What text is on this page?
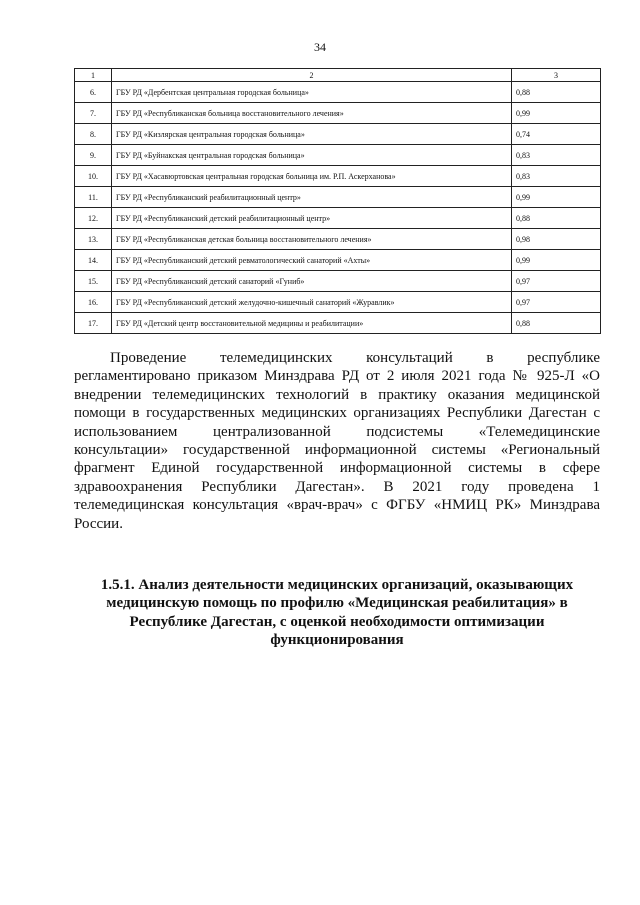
34
1	2	3
6.	ГБУ РД «Дербентская центральная городская больница»	0,88
7.	ГБУ РД «Республиканская больница восстановительного лечения»	0,99
8.	ГБУ РД «Кизлярская центральная городская больница»	0,74
9.	ГБУ РД «Буйнакская центральная городская больница»	0,83
10.	ГБУ РД «Хасавюртовская центральная городская больница им. Р.П. Аскерханова»	0,83
11.	ГБУ РД «Республиканский реабилитационный центр»	0,99
12.	ГБУ РД «Республиканский детский реабилитационный центр»	0,88
13.	ГБУ РД «Республиканская детская больница восстановительного лечения»	0,98
14.	ГБУ РД «Республиканский детский ревматологический санаторий «Ахты»	0,99
15.	ГБУ РД «Республиканский детский санаторий «Гуниб»	0,97
16.	ГБУ РД «Республиканский детский желудочно-кишечный санаторий «Журавлик»	0,97
17.	ГБУ РД «Детский центр восстановительной медицины и реабилитации»	0,88

Проведение телемедицинских консультаций в республике регламентировано приказом Минздрава РД от 2 июля 2021 года № 925-Л «О внедрении телемедицинских технологий в практику оказания медицинской помощи в государственных медицинских организациях Республики Дагестан с использованием централизованной подсистемы «Телемедицинские консультации» государственной информационной системы «Региональный фрагмент Единой государственной информационной системы в сфере здравоохранения Республики Дагестан». В 2021 году проведена 1 телемедицинская консультация «врач-врач» с ФГБУ «НМИЦ РК» Минздрава России.

1.5.1. Анализ деятельности медицинских организаций, оказывающих
медицинскую помощь по профилю «Медицинская реабилитация» в
Республике Дагестан, с оценкой необходимости оптимизации
функционирования
